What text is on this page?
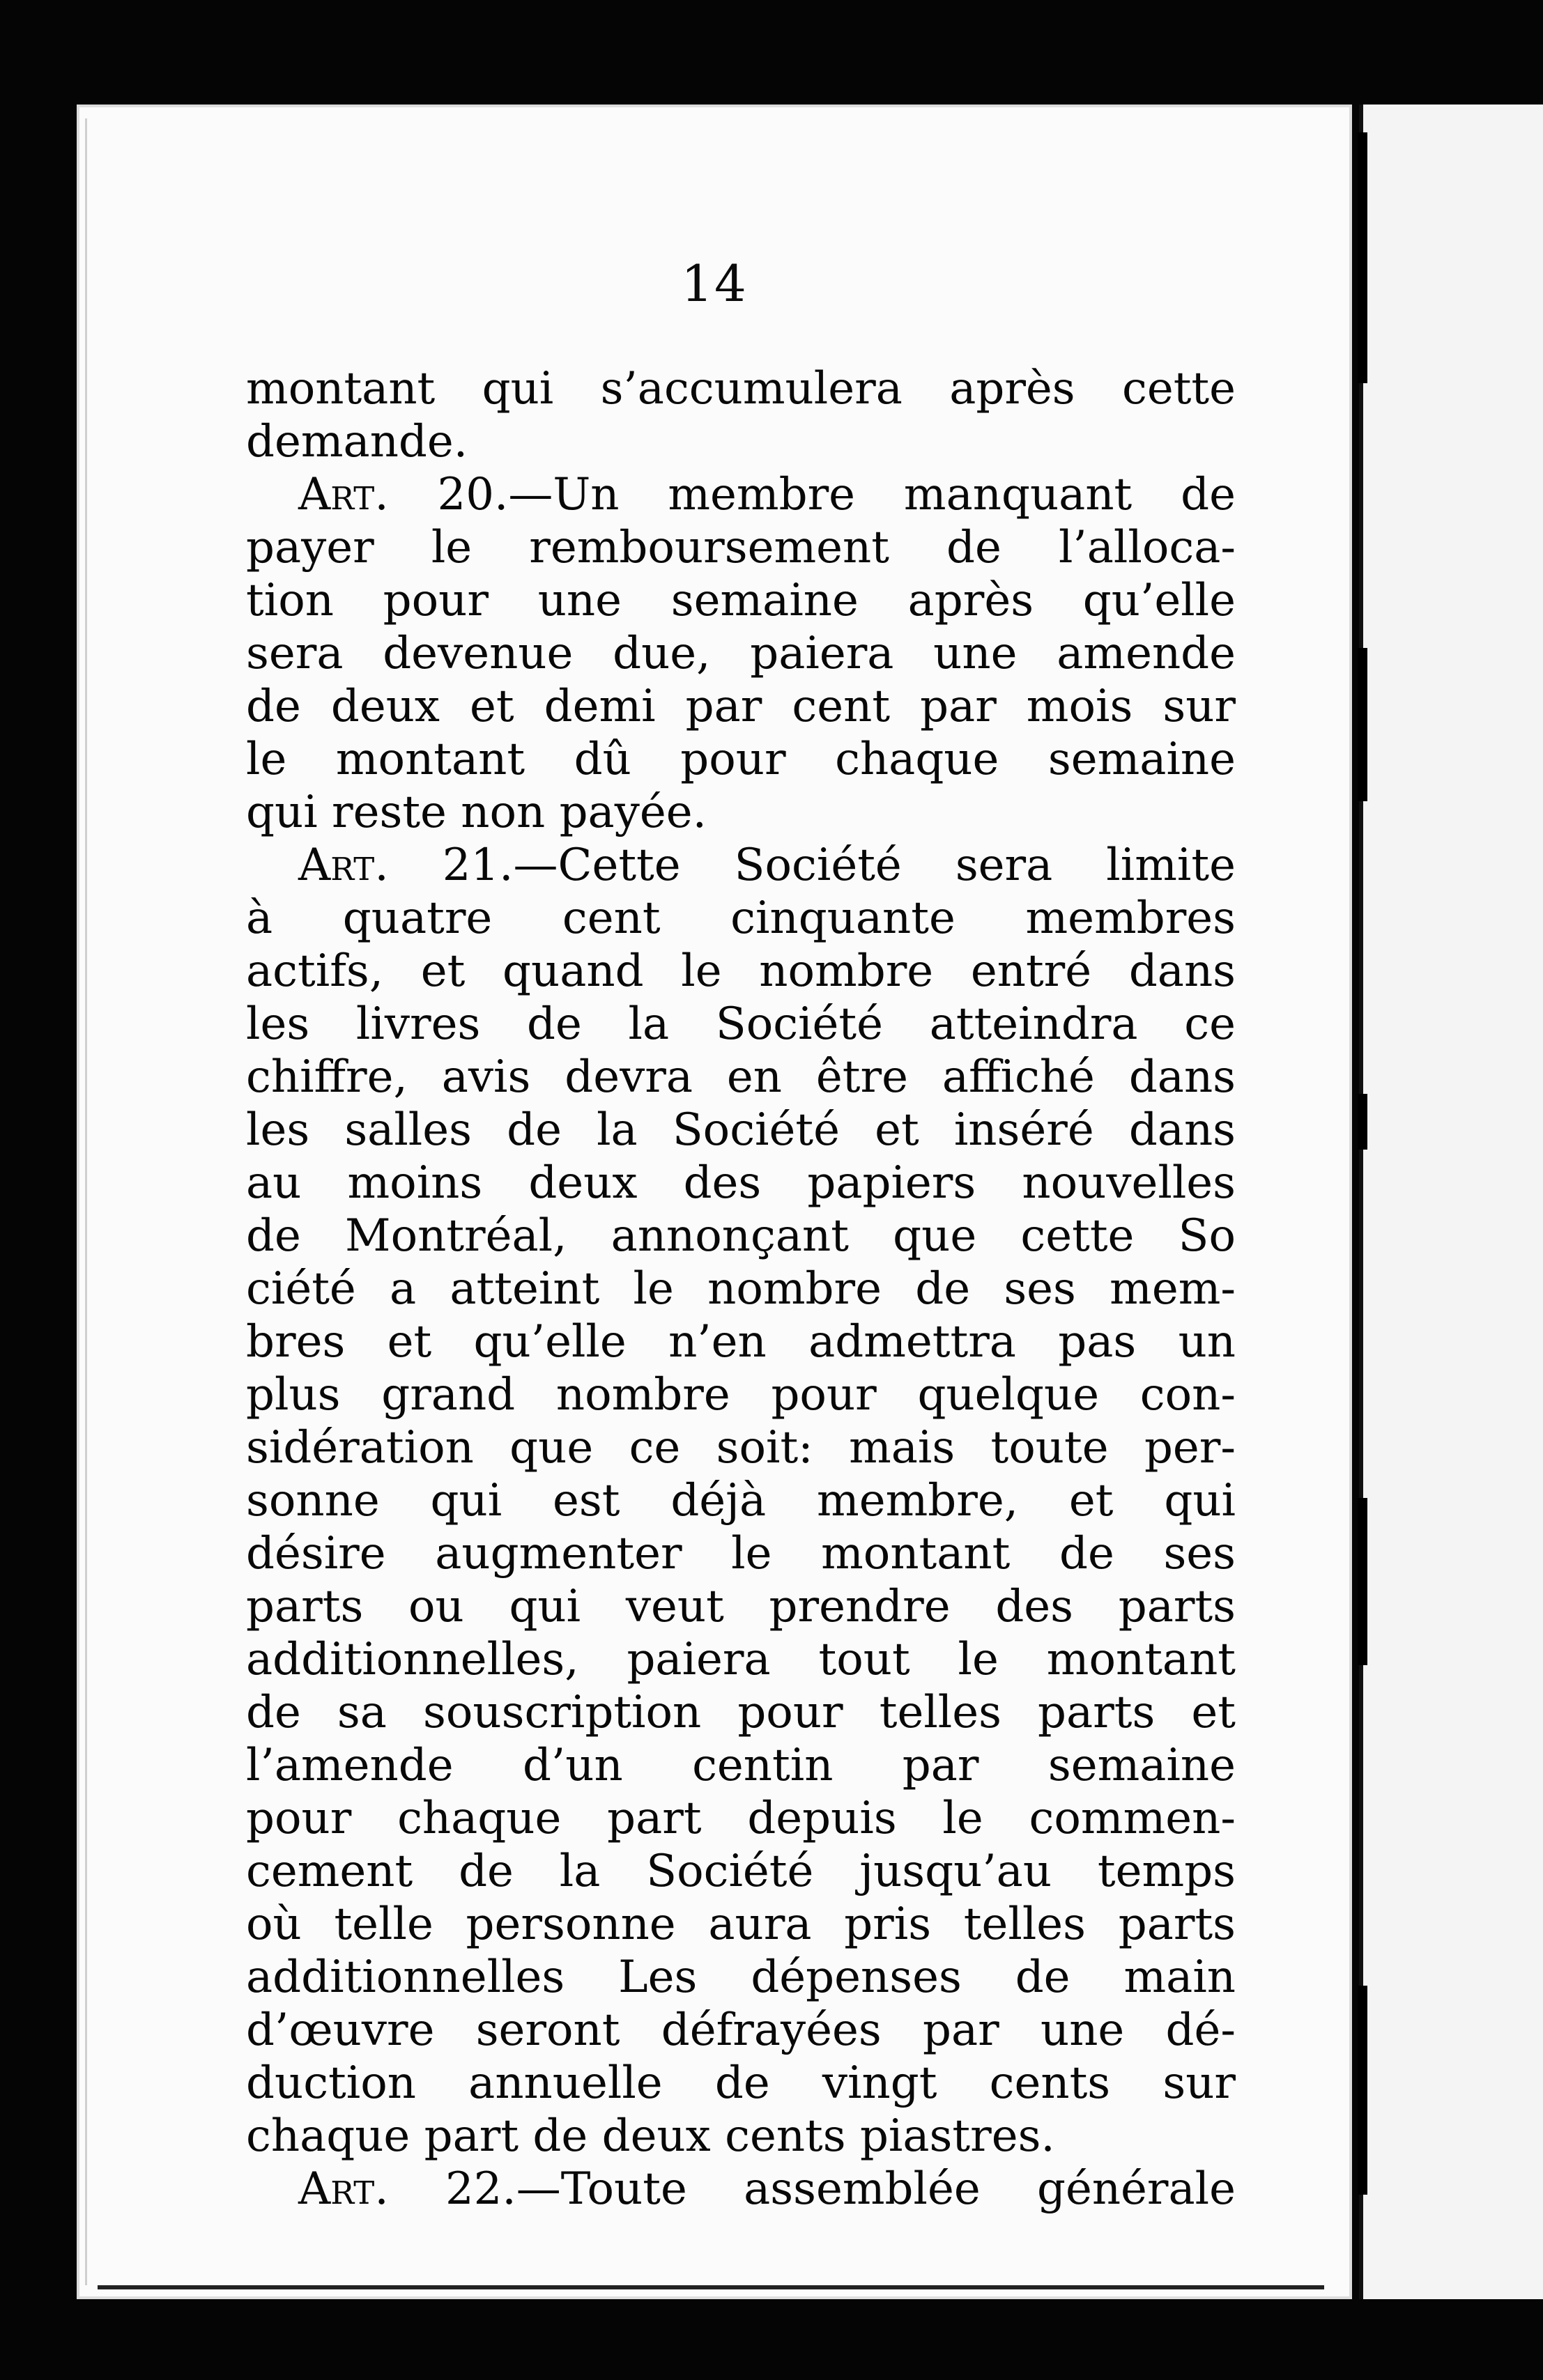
14
montant qui s’accumulera après cette
demande.
Art. 20.—Un membre manquant de
payer le remboursement de l’alloca-
tion pour une semaine après qu’elle
sera devenue due, paiera une amende
de deux et demi par cent par mois sur
le montant dû pour chaque semaine
qui reste non payée.
Art. 21.—Cette Société sera limite
à quatre cent cinquante membres
actifs, et quand le nombre entré dans
les livres de la Société atteindra ce
chiffre, avis devra en être affiché dans
les salles de la Société et inséré dans
au moins deux des papiers nouvelles
de Montréal, annonçant que cette So
ciété a atteint le nombre de ses mem-
bres et qu’elle n’en admettra pas un
plus grand nombre pour quelque con-
sidération que ce soit: mais toute per-
sonne qui est déjà membre, et qui
désire augmenter le montant de ses
parts ou qui veut prendre des parts
additionnelles, paiera tout le montant
de sa souscription pour telles parts et
l’amende d’un centin par semaine
pour chaque part depuis le commen-
cement de la Société jusqu’au temps
où telle personne aura pris telles parts
additionnelles Les dépenses de main
d’œuvre seront défrayées par une dé-
duction annuelle de vingt cents sur
chaque part de deux cents piastres.
Art. 22.—Toute assemblée générale
